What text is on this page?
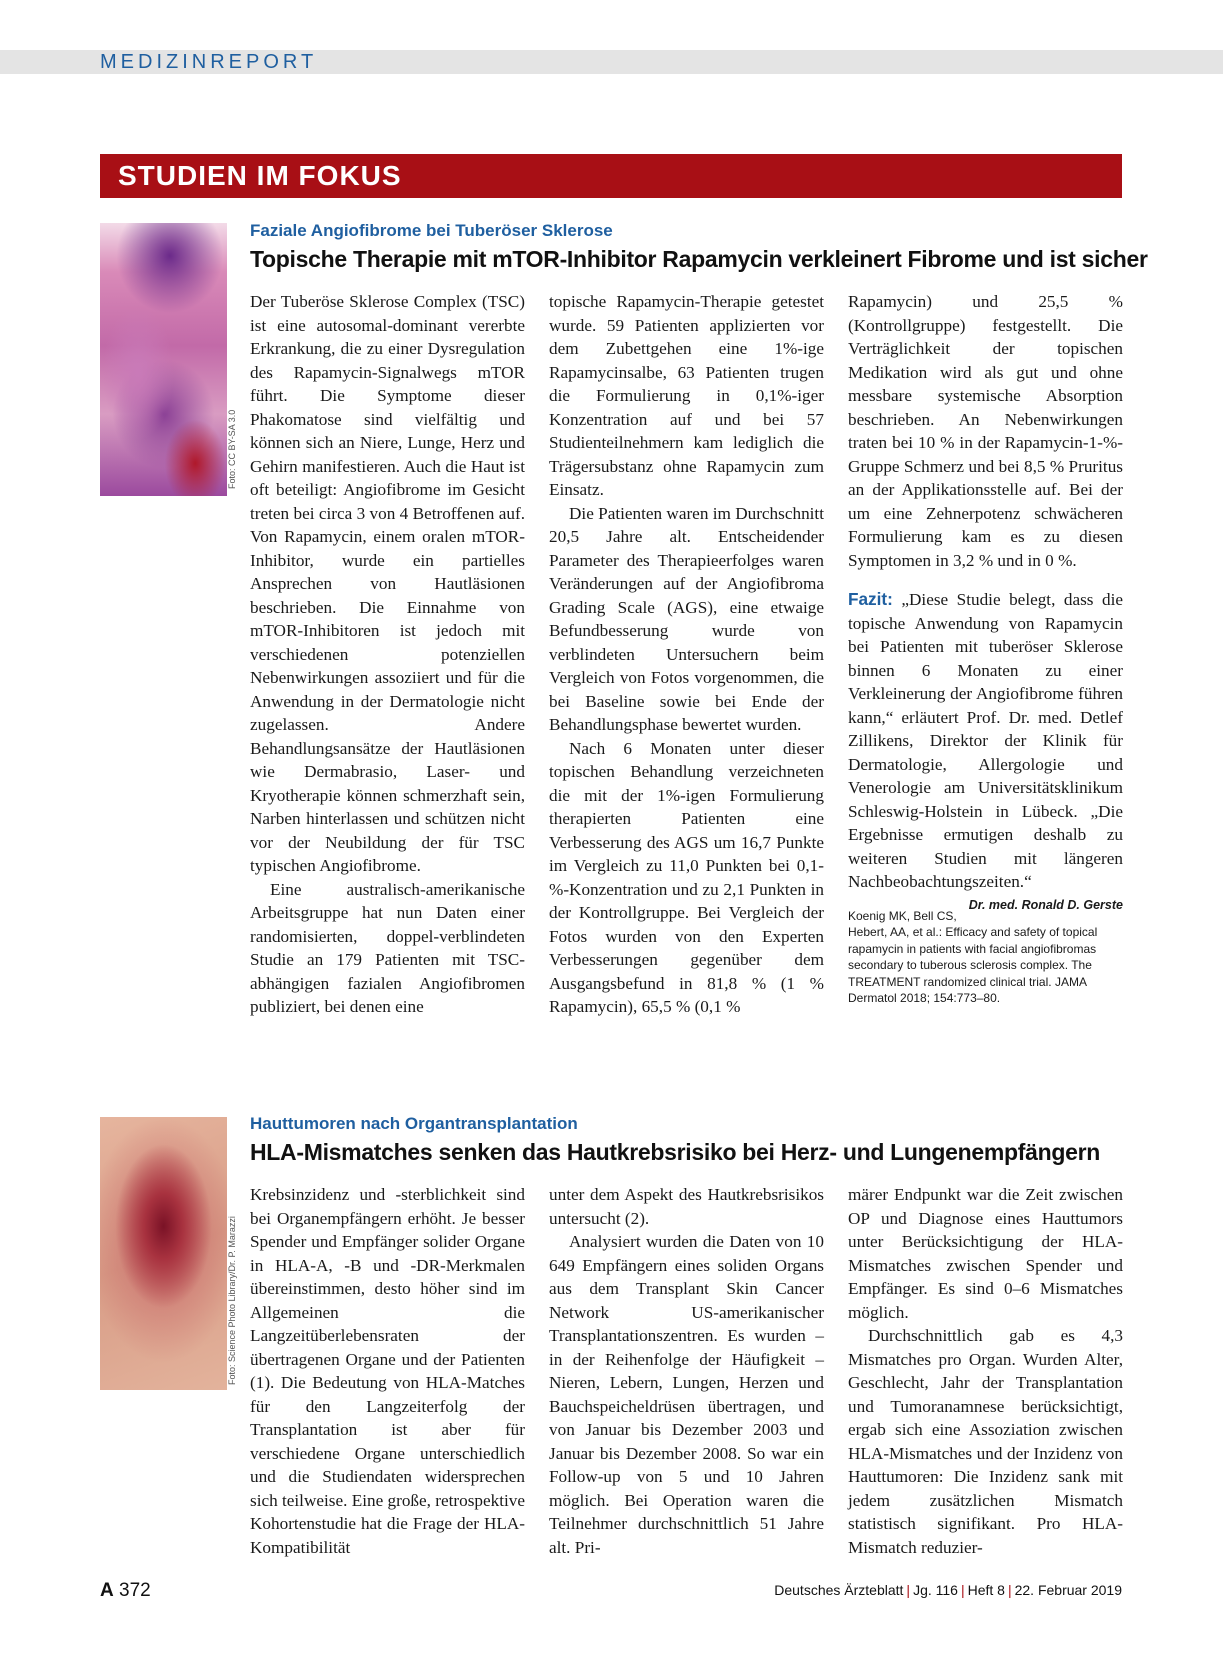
MEDIZINREPORT
STUDIEN IM FOKUS
Foto: CC BY-SA 3.0
Faziale Angiofibrome bei Tuberöser Sklerose
Topische Therapie mit mTOR-Inhibitor Rapamycin verkleinert Fibrome und ist sicher

Der Tuberöse Sklerose Complex (TSC) ist eine autosomal-dominant vererbte Erkrankung, die zu einer Dysregulation des Rapamycin-Signalwegs mTOR führt. Die Symptome dieser Phakomatose sind vielfältig und können sich an Niere, Lunge, Herz und Gehirn manifestieren. Auch die Haut ist oft beteiligt: Angiofibrome im Gesicht treten bei circa 3 von 4 Betroffenen auf. Von Rapamycin, einem oralen mTOR-Inhibitor, wurde ein partielles Ansprechen von Hautläsionen beschrieben. Die Einnahme von mTOR-Inhibitoren ist jedoch mit verschiedenen potenziellen Nebenwirkungen assoziiert und für die Anwendung in der Dermatologie nicht zugelassen. Andere Behandlungsansätze der Hautläsionen wie Dermabrasio, Laser- und Kryotherapie können schmerzhaft sein, Narben hinterlassen und schützen nicht vor der Neubildung der für TSC typischen Angiofibrome.

Eine australisch-amerikanische Arbeitsgruppe hat nun Daten einer randomisierten, doppel-verblindeten Studie an 179 Patienten mit TSC-abhängigen fazialen Angiofibromen publiziert, bei denen eine

topische Rapamycin-Therapie getestet wurde. 59 Patienten applizierten vor dem Zubettgehen eine 1%-ige Rapamycinsalbe, 63 Patienten trugen die Formulierung in 0,1%-iger Konzentration auf und bei 57 Studienteilnehmern kam lediglich die Trägersubstanz ohne Rapamycin zum Einsatz.

Die Patienten waren im Durchschnitt 20,5 Jahre alt. Entscheidender Parameter des Therapieerfolges waren Veränderungen auf der Angiofibroma Grading Scale (AGS), eine etwaige Befundbesserung wurde von verblindeten Untersuchern beim Vergleich von Fotos vorgenommen, die bei Baseline sowie bei Ende der Behandlungsphase bewertet wurden.

Nach 6 Monaten unter dieser topischen Behandlung verzeichneten die mit der 1%-igen Formulierung therapierten Patienten eine Verbesserung des AGS um 16,7 Punkte im Vergleich zu 11,0 Punkten bei 0,1-%-Konzentration und zu 2,1 Punkten in der Kontrollgruppe. Bei Vergleich der Fotos wurden von den Experten Verbesserungen gegenüber dem Ausgangsbefund in 81,8 % (1 % Rapamycin), 65,5 % (0,1 %

Rapamycin) und 25,5 % (Kontrollgruppe) festgestellt. Die Verträglichkeit der topischen Medikation wird als gut und ohne messbare systemische Absorption beschrieben. An Nebenwirkungen traten bei 10 % in der Rapamycin-1-%-Gruppe Schmerz und bei 8,5 % Pruritus an der Applikationsstelle auf. Bei der um eine Zehnerpotenz schwächeren Formulierung kam es zu diesen Symptomen in 3,2 % und in 0 %.

Fazit: „Diese Studie belegt, dass die topische Anwendung von Rapamycin bei Patienten mit tuberöser Sklerose binnen 6 Monaten zu einer Verkleinerung der Angiofibrome führen kann,“ erläutert Prof. Dr. med. Detlef Zillikens, Direktor der Klinik für Dermatologie, Allergologie und Venerologie am Universitätsklinikum Schleswig-Holstein in Lübeck. „Die Ergebnisse ermutigen deshalb zu weiteren Studien mit längeren Nachbeobachtungszeiten.“
Dr. med. Ronald D. Gerste

Koenig MK, Bell CS, Hebert, AA, et al.: Efficacy and safety of topical rapamycin in patients with facial angiofibromas secondary to tuberous sclerosis complex. The TREATMENT randomized clinical trial. JAMA Dermatol 2018; 154:773–80.
Foto: Science Photo Library/Dr. P. Marazzi
Hauttumoren nach Organtransplantation
HLA-Mismatches senken das Hautkrebsrisiko bei Herz- und Lungenempfängern

Krebsinzidenz und -sterblichkeit sind bei Organempfängern erhöht. Je besser Spender und Empfänger solider Organe in HLA-A, -B und -DR-Merkmalen übereinstimmen, desto höher sind im Allgemeinen die Langzeitüberlebensraten der übertragenen Organe und der Patienten (1). Die Bedeutung von HLA-Matches für den Langzeiterfolg der Transplantation ist aber für verschiedene Organe unterschiedlich und die Studiendaten widersprechen sich teilweise. Eine große, retrospektive Kohortenstudie hat die Frage der HLA-Kompatibilität

unter dem Aspekt des Hautkrebsrisikos untersucht (2).

Analysiert wurden die Daten von 10 649 Empfängern eines soliden Organs aus dem Transplant Skin Cancer Network US-amerikanischer Transplantationszentren. Es wurden – in der Reihenfolge der Häufigkeit – Nieren, Lebern, Lungen, Herzen und Bauchspeicheldrüsen übertragen, und von Januar bis Dezember 2003 und Januar bis Dezember 2008. So war ein Follow-up von 5 und 10 Jahren möglich. Bei Operation waren die Teilnehmer durchschnittlich 51 Jahre alt. Pri-

märer Endpunkt war die Zeit zwischen OP und Diagnose eines Hauttumors unter Berücksichtigung der HLA-Mismatches zwischen Spender und Empfänger. Es sind 0–6 Mismatches möglich.

Durchschnittlich gab es 4,3 Mismatches pro Organ. Wurden Alter, Geschlecht, Jahr der Transplantation und Tumoranamnese berücksichtigt, ergab sich eine Assoziation zwischen HLA-Mismatches und der Inzidenz von Hauttumoren: Die Inzidenz sank mit jedem zusätzlichen Mismatch statistisch signifikant. Pro HLA-Mismatch reduzier-

A 372	Deutsches Ärzteblatt | Jg. 116 | Heft 8 | 22. Februar 2019
